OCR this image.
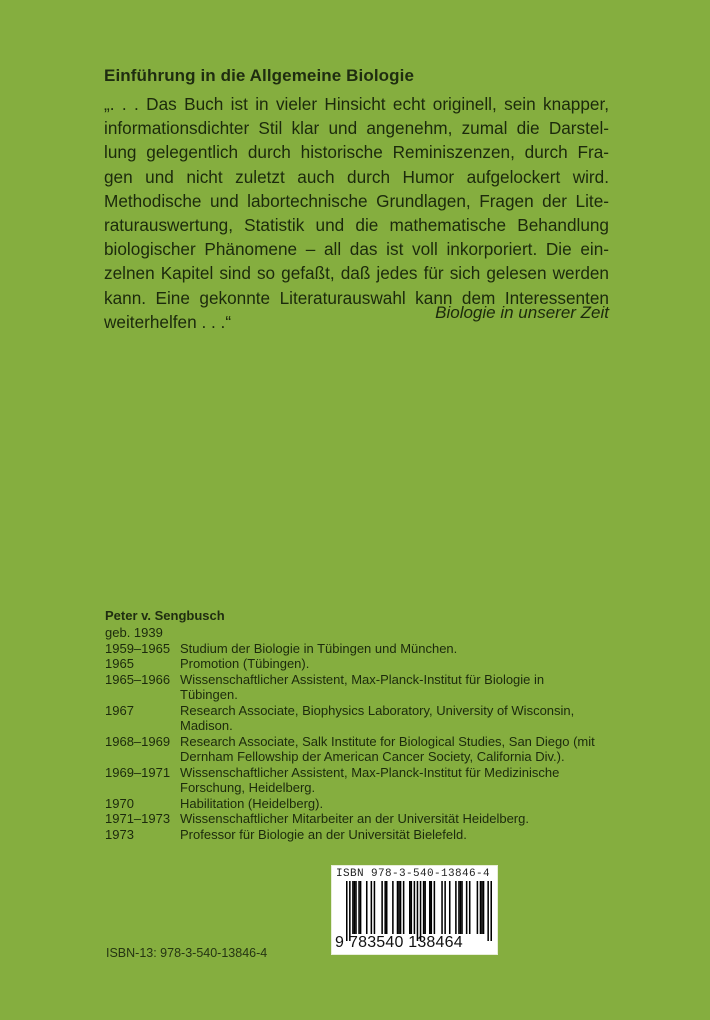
Einführung in die Allgemeine Biologie
„. . . Das Buch ist in vieler Hinsicht echt originell, sein knapper,
informationsdichter Stil klar und angenehm, zumal die Darstel-
lung gelegentlich durch historische Reminiszenzen, durch Fra-
gen und nicht zuletzt auch durch Humor aufgelockert wird.
Methodische und labortechnische Grundlagen, Fragen der Lite-
raturauswertung, Statistik und die mathematische Behandlung
biologischer Phänomene – all das ist voll inkorporiert. Die ein-
zelnen Kapitel sind so gefaßt, daß jedes für sich gelesen werden
kann. Eine gekonnte Literaturauswahl kann dem Interessenten
weiterhelfen . . .“	Biologie in unserer Zeit
Peter v. Sengbusch
geb. 1939
1959–1965 Studium der Biologie in Tübingen und München.
1965	Promotion (Tübingen).
1965–1966 Wissenschaftlicher Assistent, Max-Planck-Institut für Biologie in Tübingen.
1967	Research Associate, Biophysics Laboratory, University of Wisconsin, Madison.
1968–1969 Research Associate, Salk Institute for Biological Studies, San Diego (mit Dernham Fellowship der American Cancer Society, California Div.).
1969–1971 Wissenschaftlicher Assistent, Max-Planck-Institut für Medizinische Forschung, Heidelberg.
1970	Habilitation (Heidelberg).
1971–1973 Wissenschaftlicher Mitarbeiter an der Universität Heidelberg.
1973	Professor für Biologie an der Universität Bielefeld.
ISBN 978-3-540-13846-4
9 783540 138464
ISBN-13: 978-3-540-13846-4
